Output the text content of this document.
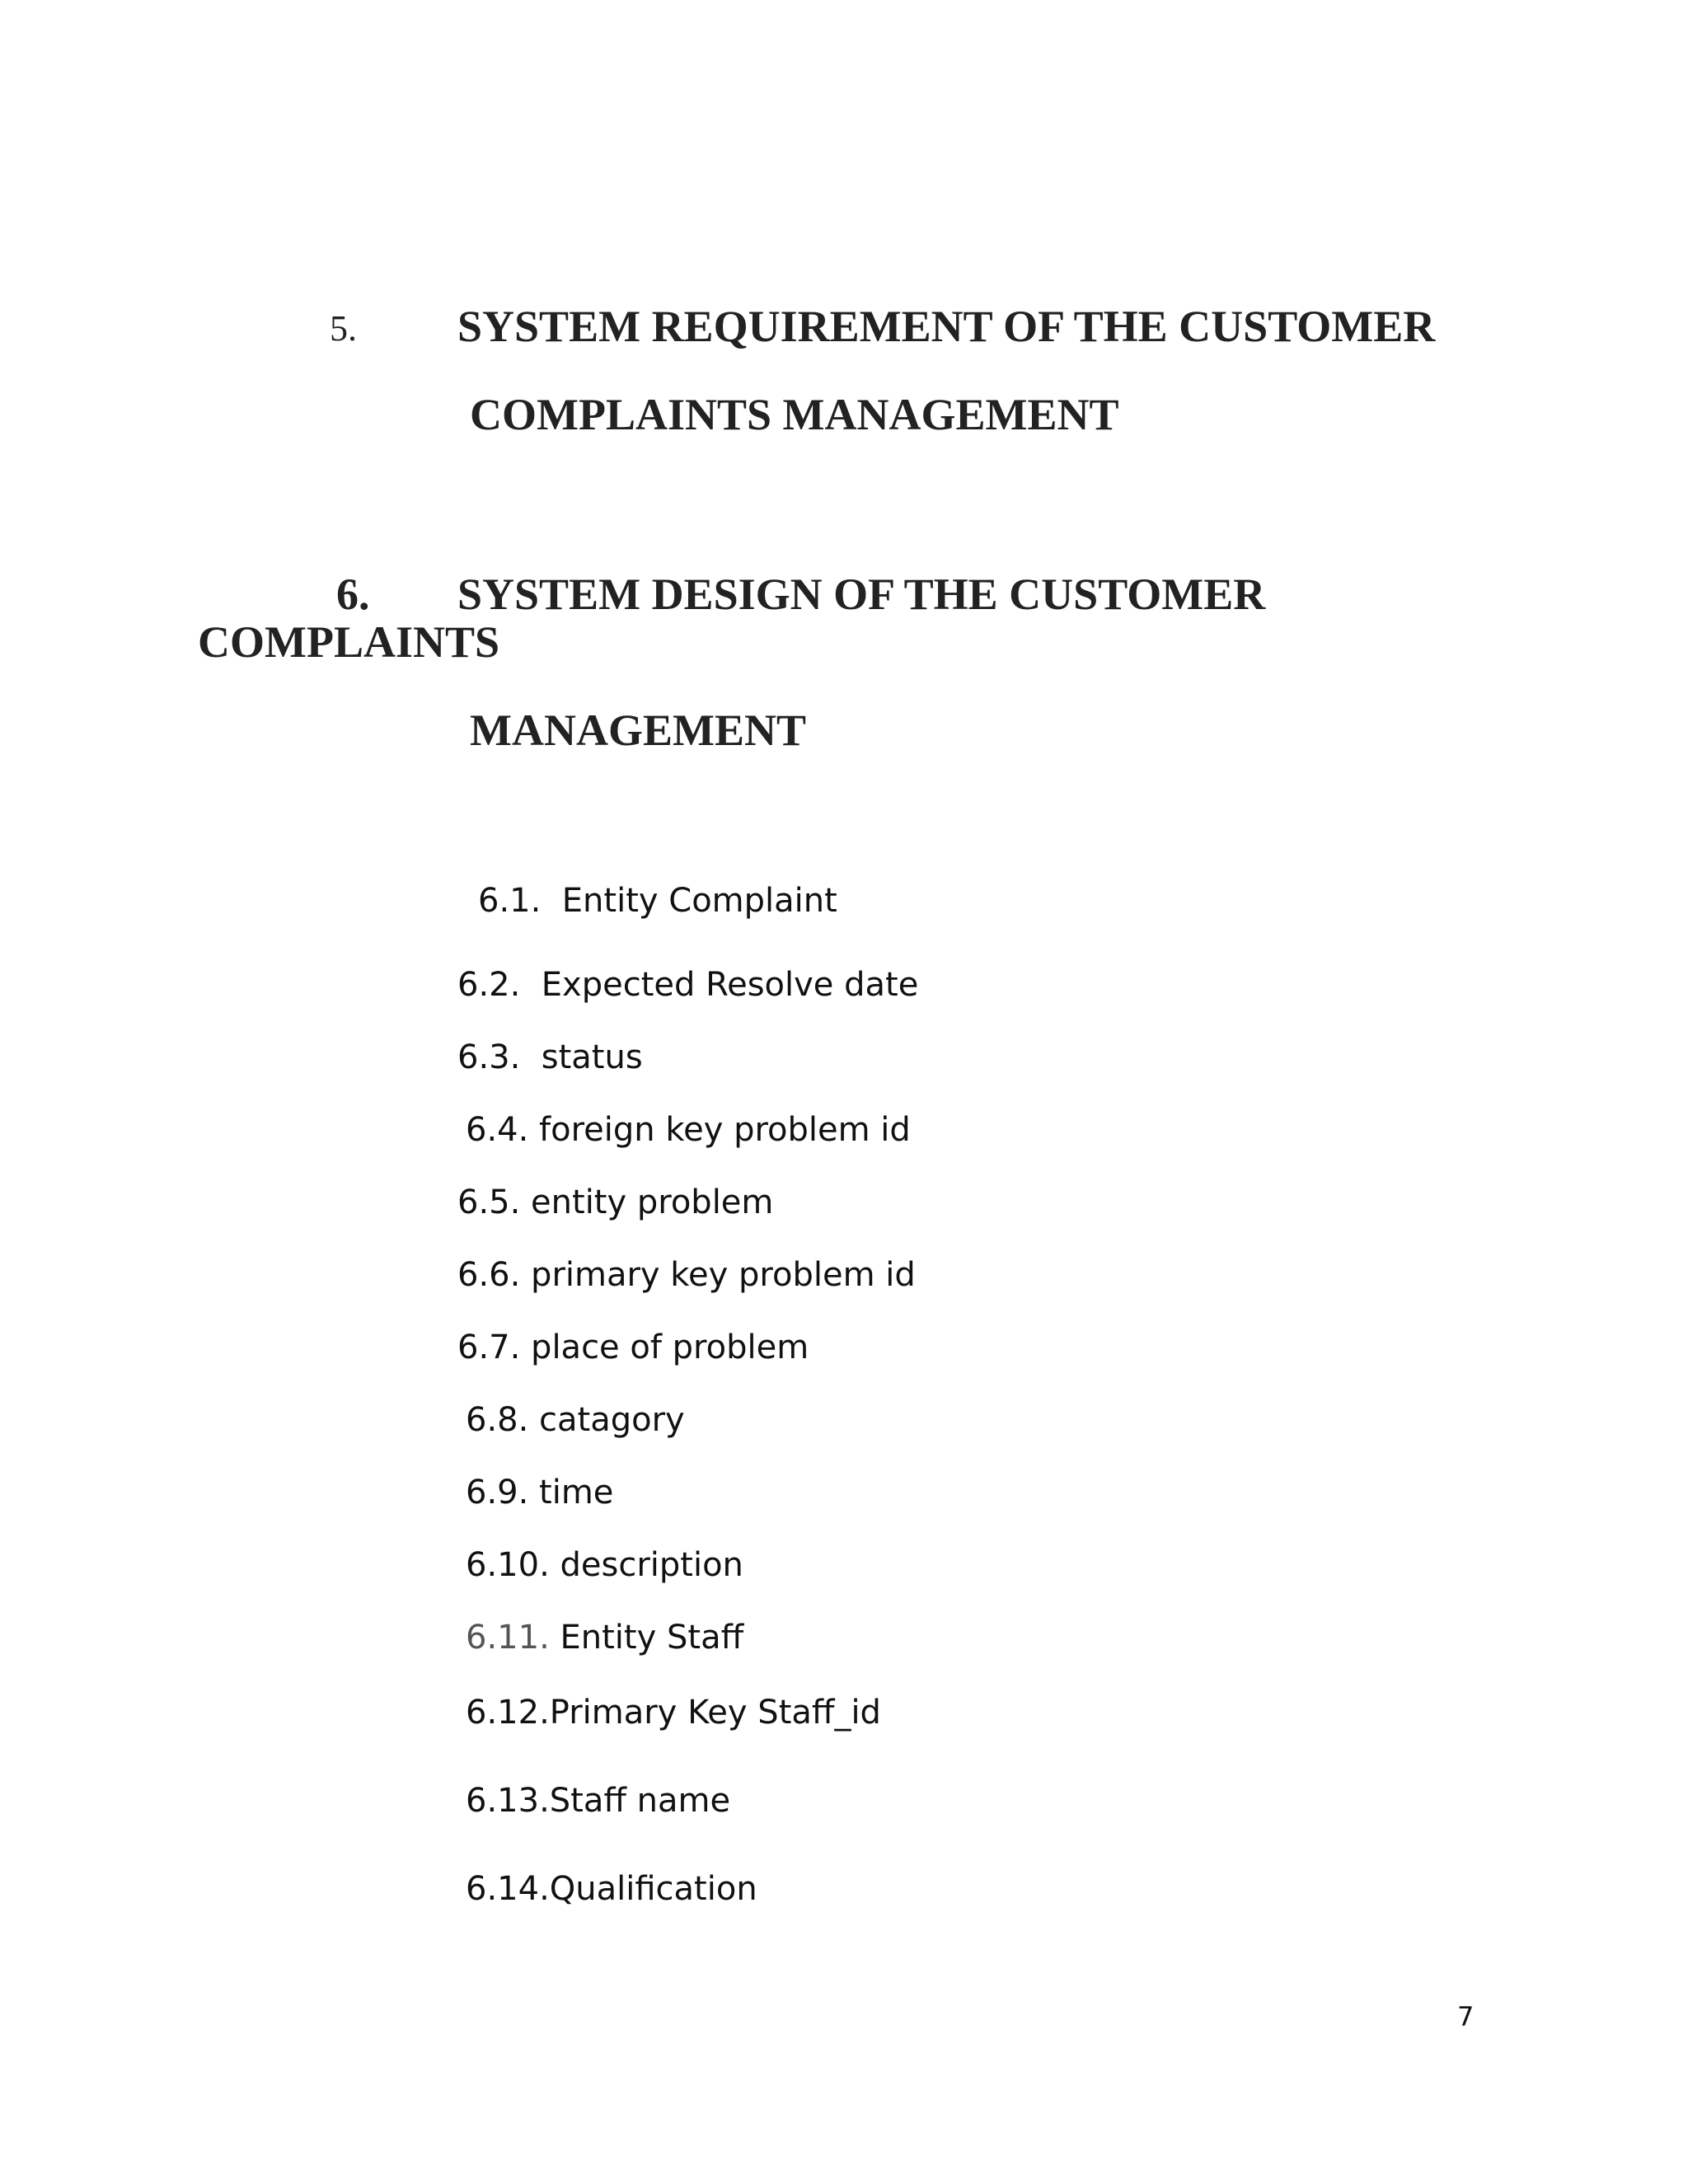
5. SYSTEM REQUIREMENT OF THE CUSTOMER
COMPLAINTS MANAGEMENT
6. SYSTEM DESIGN OF THE CUSTOMER
COMPLAINTS
MANAGEMENT
6.1. Entity Complaint
6.2. Expected Resolve date
6.3. status
6.4. foreign key problem id
6.5. entity problem
6.6. primary key problem id
6.7. place of problem
6.8. catagory
6.9. time
6.10. description
6.11. Entity Staff
6.12.Primary Key Staff_id
6.13.Staff name
6.14.Qualification
7
